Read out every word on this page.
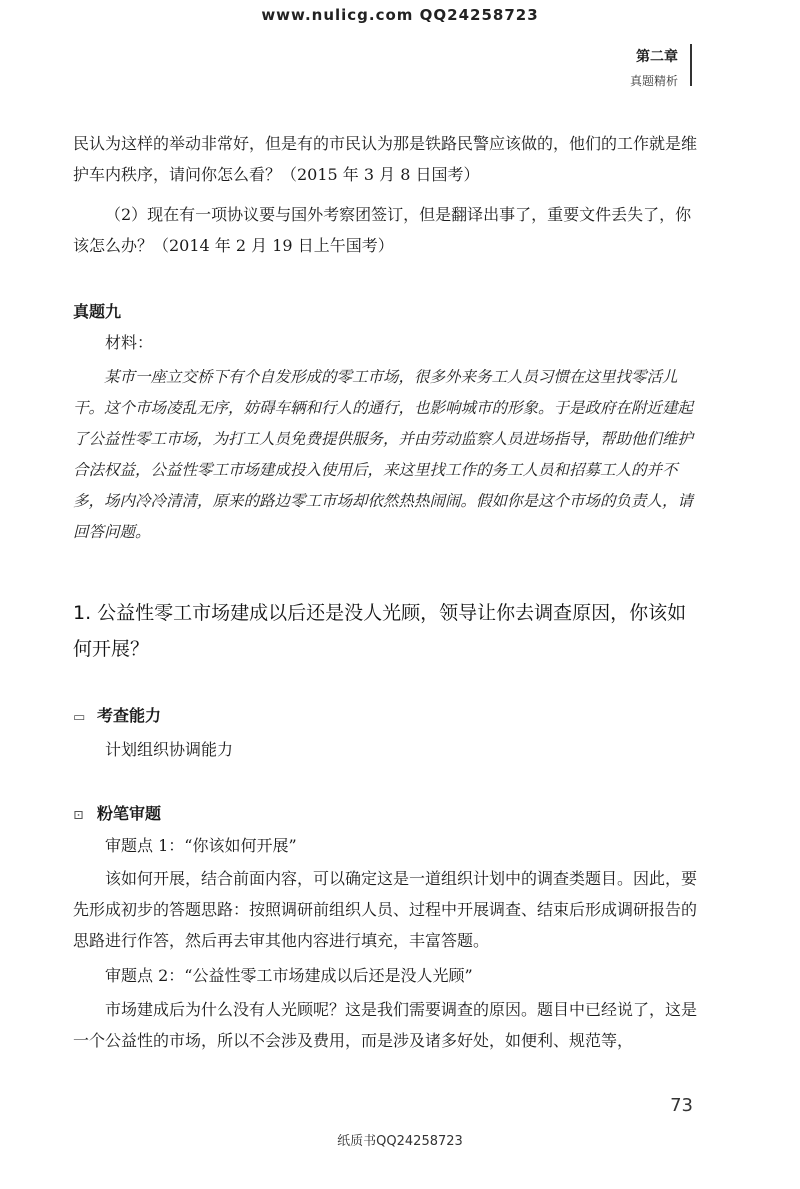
www.nulicg.com QQ24258723
第二章
真题精析
民认为这样的举动非常好，但是有的市民认为那是铁路民警应该做的，他们的工作就是维护车内秩序，请问你怎么看？（2015 年 3 月 8 日国考）
（2）现在有一项协议要与国外考察团签订，但是翻译出事了，重要文件丢失了，你该怎么办？（2014 年 2 月 19 日上午国考）
真题九
材料：
某市一座立交桥下有个自发形成的零工市场，很多外来务工人员习惯在这里找零活儿干。这个市场凌乱无序，妨碍车辆和行人的通行，也影响城市的形象。于是政府在附近建起了公益性零工市场，为打工人员免费提供服务，并由劳动监察人员进场指导，帮助他们维护合法权益，公益性零工市场建成投入使用后，来这里找工作的务工人员和招募工人的并不多，场内冷冷清清，原来的路边零工市场却依然热热闹闹。假如你是这个市场的负责人，请回答问题。
1. 公益性零工市场建成以后还是没人光顾，领导让你去调查原因，你该如何开展？
▭ 考查能力
计划组织协调能力
⊡ 粉笔审题
审题点 1：“你该如何开展”
该如何开展，结合前面内容，可以确定这是一道组织计划中的调查类题目。因此，要先形成初步的答题思路：按照调研前组织人员、过程中开展调查、结束后形成调研报告的思路进行作答，然后再去审其他内容进行填充，丰富答题。
审题点 2：“公益性零工市场建成以后还是没人光顾”
市场建成后为什么没有人光顾呢？这是我们需要调查的原因。题目中已经说了，这是一个公益性的市场，所以不会涉及费用，而是涉及诸多好处，如便利、规范等，
73
纸质书QQ24258723
